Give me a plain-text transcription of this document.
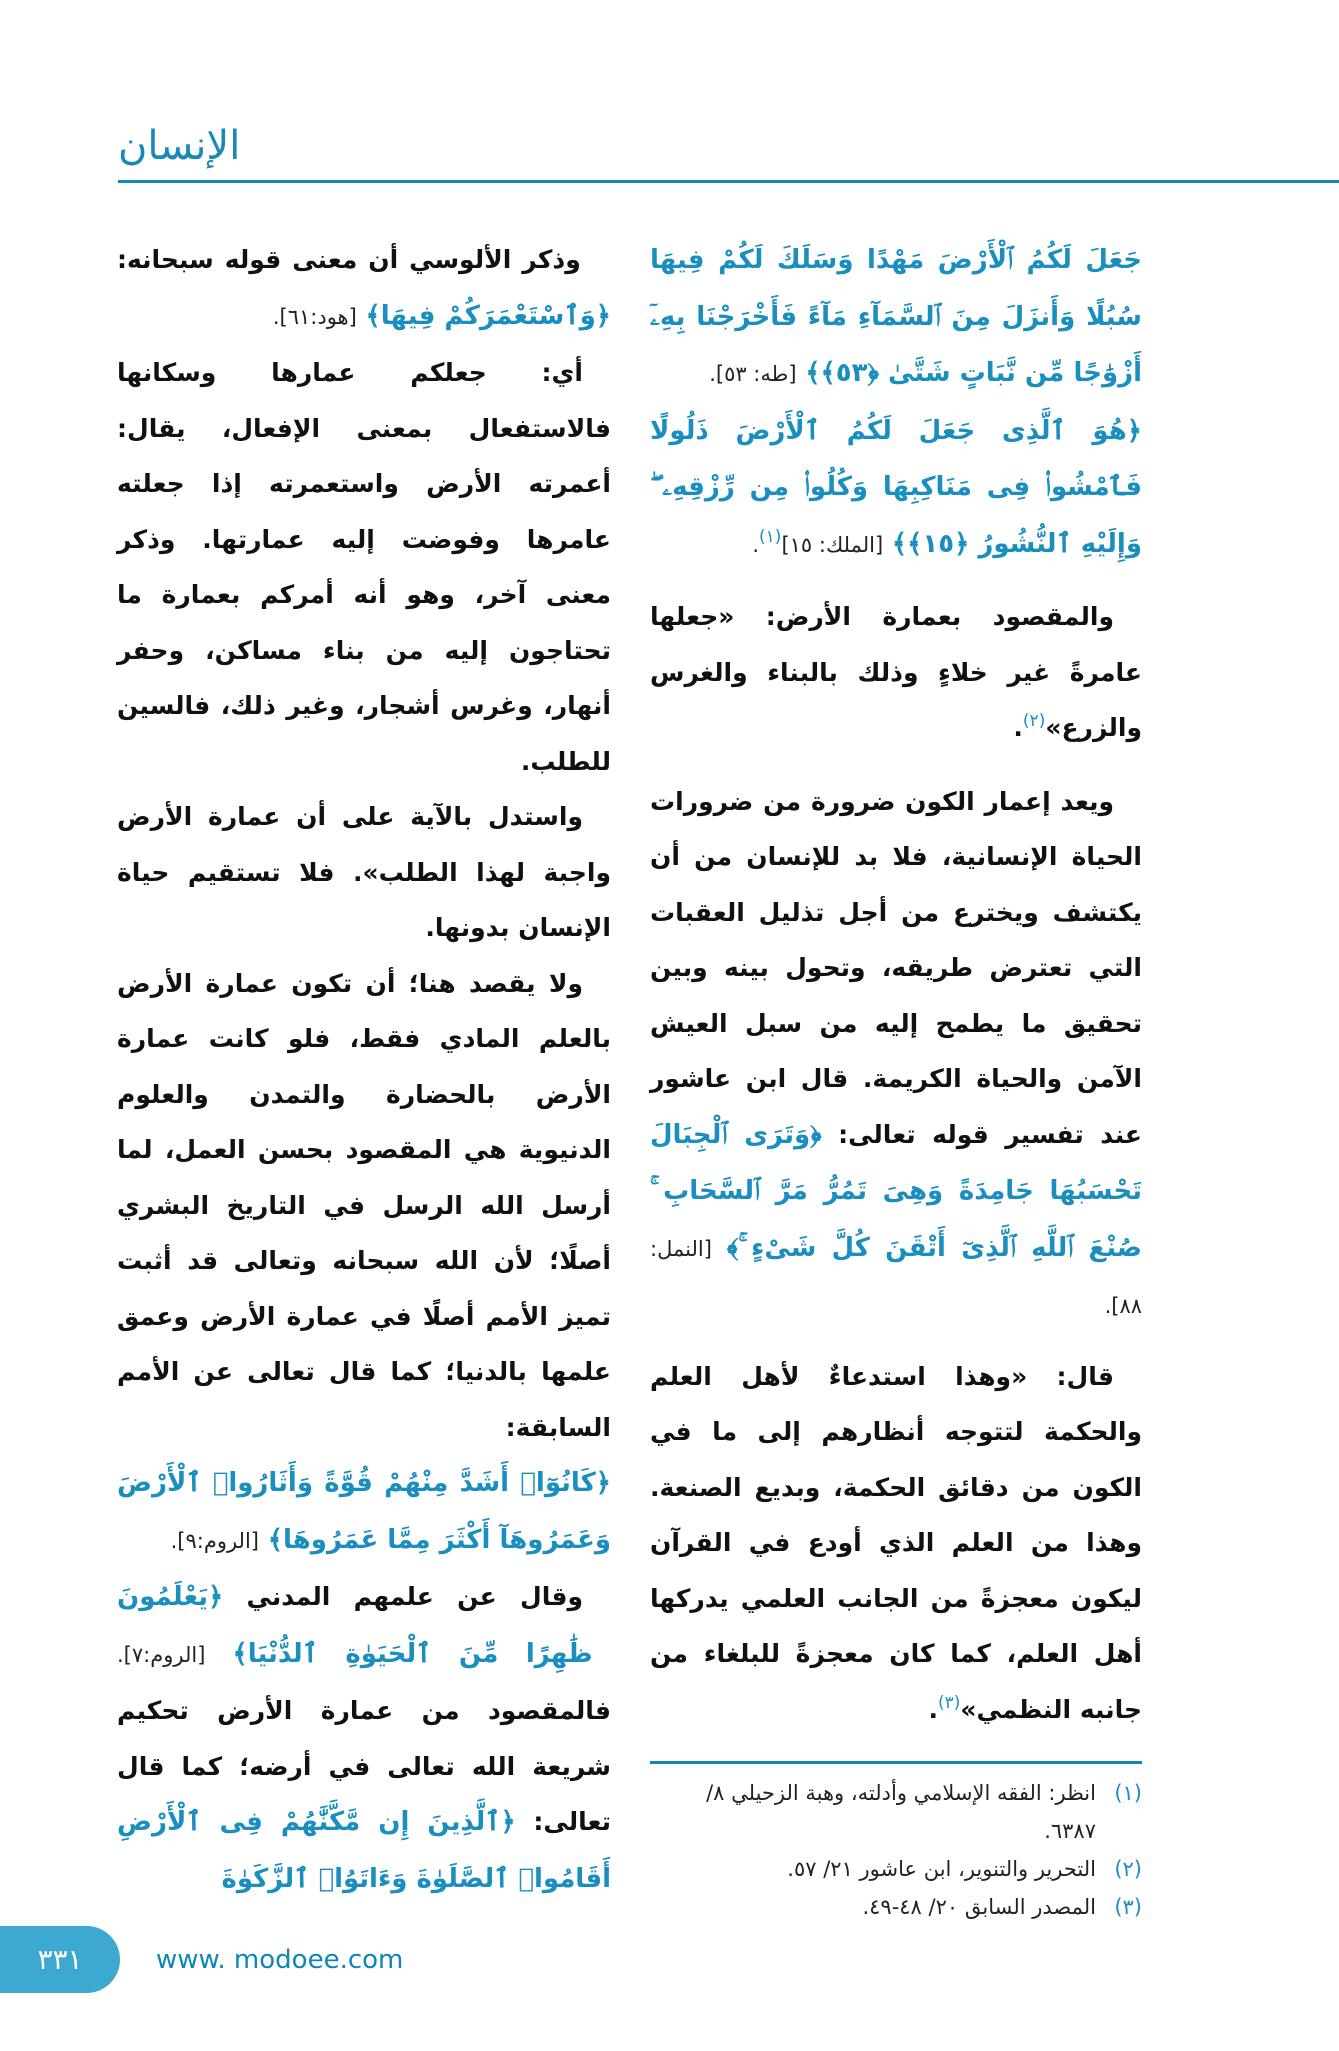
الإنسان

وذكر الألوسي أن معنى قوله سبحانه: ﴿وَٱسْتَعْمَرَكُمْ فِيهَا﴾ [هود:٦١].

أي: جعلكم عمارها وسكانها فالاستفعال بمعنى الإفعال، يقال: أعمرته الأرض واستعمرته إذا جعلته عامرها وفوضت إليه عمارتها. وذكر معنى آخر، وهو أنه أمركم بعمارة ما تحتاجون إليه من بناء مساكن، وحفر أنهار، وغرس أشجار، وغير ذلك، فالسين للطلب.

واستدل بالآية على أن عمارة الأرض واجبة لهذا الطلب». فلا تستقيم حياة الإنسان بدونها.

ولا يقصد هنا؛ أن تكون عمارة الأرض بالعلم المادي فقط، فلو كانت عمارة الأرض بالحضارة والتمدن والعلوم الدنيوية هي المقصود بحسن العمل، لما أرسل الله الرسل في التاريخ البشري أصلًا؛ لأن الله سبحانه وتعالى قد أثبت تميز الأمم أصلًا في عمارة الأرض وعمق علمها بالدنيا؛ كما قال تعالى عن الأمم السابقة:

﴿كَانُوٓا۟ أَشَدَّ مِنْهُمْ قُوَّةً وَأَثَارُوا۟ ٱلْأَرْضَ وَعَمَرُوهَآ أَكْثَرَ مِمَّا عَمَرُوهَا﴾ [الروم:٩].

وقال عن علمهم المدني ﴿يَعْلَمُونَ ظَٰهِرًا مِّنَ ٱلْحَيَوٰةِ ٱلدُّنْيَا﴾ [الروم:٧]. فالمقصود من عمارة الأرض تحكيم شريعة الله تعالى في أرضه؛ كما قال تعالى: ﴿ٱلَّذِينَ إِن مَّكَّنَّٰهُمْ فِى ٱلْأَرْضِ أَقَامُوا۟ ٱلصَّلَوٰةَ وَءَاتَوُا۟ ٱلزَّكَوٰةَ

جَعَلَ لَكُمُ ٱلْأَرْضَ مَهْدًا وَسَلَكَ لَكُمْ فِيهَا سُبُلًا وَأَنزَلَ مِنَ ٱلسَّمَآءِ مَآءً فَأَخْرَجْنَا بِهِۦٓ أَزْوَٰجًا مِّن نَّبَاتٍ شَتَّىٰ ﴿٥٣﴾﴾ [طه: ٥٣].

﴿هُوَ ٱلَّذِى جَعَلَ لَكُمُ ٱلْأَرْضَ ذَلُولًا فَٱمْشُوا۟ فِى مَنَاكِبِهَا وَكُلُوا۟ مِن رِّزْقِهِۦ ۖ وَإِلَيْهِ ٱلنُّشُورُ ﴿١٥﴾﴾ [الملك: ١٥]$^{(١)}$.

والمقصود بعمارة الأرض: «جعلها عامرةً غير خلاءٍ وذلك بالبناء والغرس والزرع»$^{(٢)}$.

ويعد إعمار الكون ضرورة من ضرورات الحياة الإنسانية، فلا بد للإنسان من أن يكتشف ويخترع من أجل تذليل العقبات التي تعترض طريقه، وتحول بينه وبين تحقيق ما يطمح إليه من سبل العيش الآمن والحياة الكريمة. قال ابن عاشور عند تفسير قوله تعالى: ﴿وَتَرَى ٱلْجِبَالَ تَحْسَبُهَا جَامِدَةً وَهِىَ تَمُرُّ مَرَّ ٱلسَّحَابِ ۚ صُنْعَ ٱللَّهِ ٱلَّذِىٓ أَتْقَنَ كُلَّ شَىْءٍ ۚ﴾ [النمل: ٨٨].

قال: «وهذا استدعاءٌ لأهل العلم والحكمة لتتوجه أنظارهم إلى ما في الكون من دقائق الحكمة، وبديع الصنعة. وهذا من العلم الذي أودع في القرآن ليكون معجزةً من الجانب العلمي يدركها أهل العلم، كما كان معجزةً للبلغاء من جانبه النظمي»$^{(٣)}$.

(١)انظر: الفقه الإسلامي وأدلته، وهبة الزحيلي ٨/ ٦٣٨٧.
(٢)التحرير والتنوير، ابن عاشور ٢١/ ٥٧.
(٣)المصدر السابق ٢٠/ ٤٨-٤٩.
٣٣١	www. modoee.com
